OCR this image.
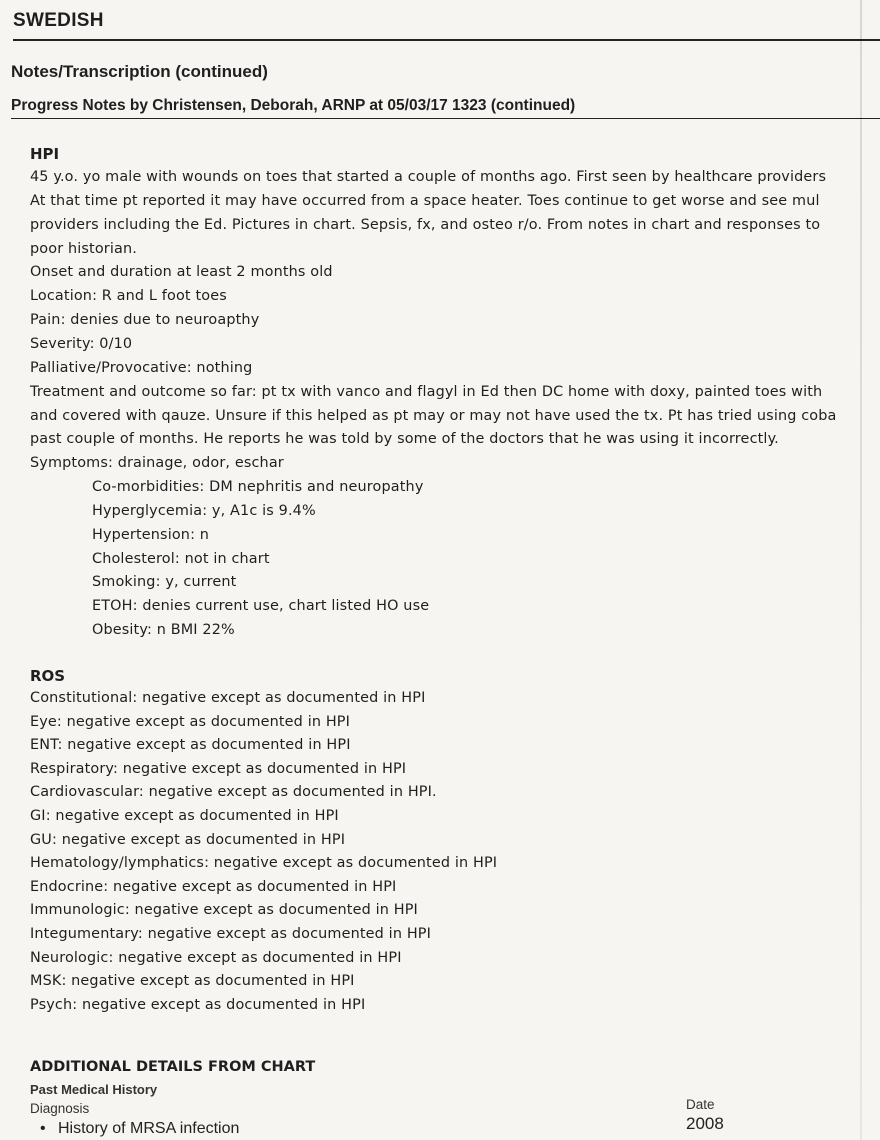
SWEDISH
Notes/Transcription (continued)
Progress Notes by Christensen, Deborah, ARNP at 05/03/17 1323 (continued)
HPI
45 y.o. yo male with wounds on toes that started a couple of months ago. First seen by healthcare providers
At that time pt reported it may have occurred from a space heater. Toes continue to get worse and see mul
providers including the Ed. Pictures in chart. Sepsis, fx, and osteo r/o. From notes in chart and responses to
poor historian.
Onset and duration at least 2 months old
Location: R and L foot toes
Pain: denies due to neuroapthy
Severity: 0/10
Palliative/Provocative: nothing
Treatment and outcome so far: pt tx with vanco and flagyl in Ed then DC home with doxy, painted toes with
and covered with qauze. Unsure if this helped as pt may or may not have used the tx. Pt has tried using coba
past couple of months. He reports he was told by some of the doctors that he was using it incorrectly.
Symptoms: drainage, odor, eschar
Co-morbidities: DM nephritis and neuropathy
Hyperglycemia: y, A1c is 9.4%
Hypertension: n
Cholesterol: not in chart
Smoking: y, current
ETOH: denies current use, chart listed HO use
Obesity: n BMI 22%
ROS
Constitutional: negative except as documented in HPI
Eye: negative except as documented in HPI
ENT: negative except as documented in HPI
Respiratory: negative except as documented in HPI
Cardiovascular: negative except as documented in HPI.
GI: negative except as documented in HPI
GU: negative except as documented in HPI
Hematology/lymphatics: negative except as documented in HPI
Endocrine: negative except as documented in HPI
Immunologic: negative except as documented in HPI
Integumentary: negative except as documented in HPI
Neurologic: negative except as documented in HPI
MSK: negative except as documented in HPI
Psych: negative except as documented in HPI
ADDITIONAL DETAILS FROM CHART
Past Medical History
Diagnosis	Date
• History of MRSA infection	2008
